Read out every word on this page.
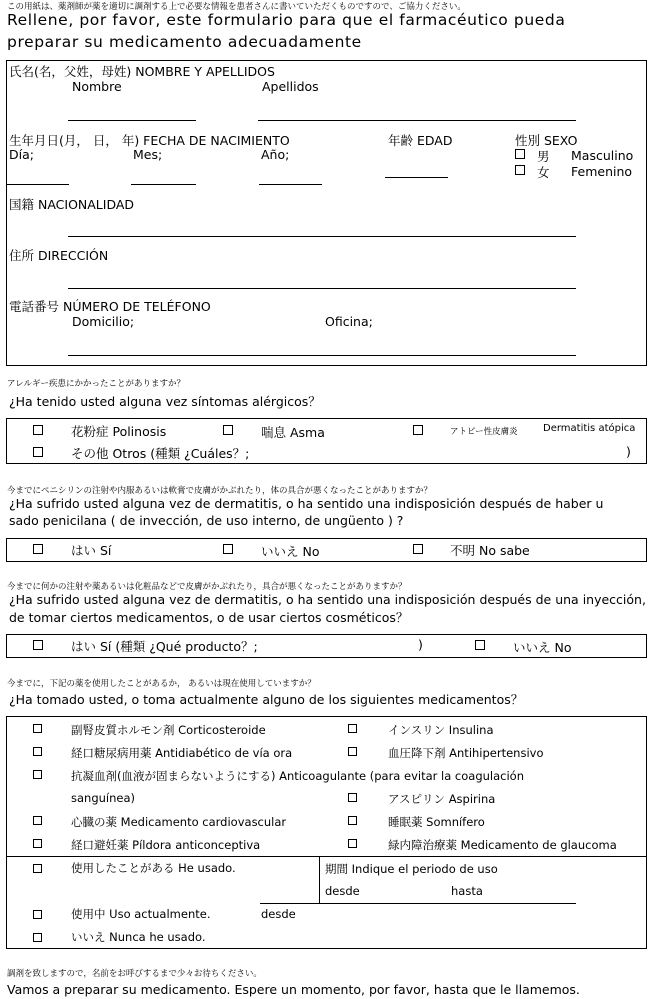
この用紙は、薬剤師が薬を適切に調剤する上で必要な情報を患者さんに書いていただくものですので、ご協力ください。
Rellene, por favor, este formulario para que el farmacéutico pueda
preparar su medicamento adecuadamente
氏名(名，父姓，母姓) NOMBRE Y APELLIDOS
Nombre	Apellidos
生年月日(月， 日， 年) FECHA DE NACIMIENTO
Día;	Mes;	Año;
年齢 EDAD	性別 SEXO
男 Masculino
女 Femenino
国籍 NACIONALIDAD
住所 DIRECCIÓN
電話番号 NÚMERO DE TELÉFONO
Domicilio;	Oficina;
アレルギー疾患にかかったことがありますか？
¿Ha tenido usted alguna vez síntomas alérgicos？
花粉症 Polinosis	喘息 Asma	アトピー性皮膚炎	Dermatitis atópica
その他 Otros (種類 ¿Cuáles？;	)
今までにペニシリンの注射や内服あるいは軟膏で皮膚がかぶれたり，体の具合が悪くなったことがありますか？
¿Ha sufrido usted alguna vez de dermatitis, o ha sentido una indisposición después de haber u
sado penicilana ( de invección, de uso interno, de ungüento ) ?
はい Sí	いいえ No	不明 No sabe
今までに何かの注射や薬あるいは化粧品などで皮膚がかぶれたり，具合が悪くなったことがありますか？
¿Ha sufrido usted alguna vez de dermatitis, o ha sentido una indisposición después de una inyección,
de tomar ciertos medicamentos, o de usar ciertos cosméticos？
はい Sí (種類 ¿Qué producto？;	)	いいえ No
今までに，下記の薬を使用したことがあるか， あるいは現在使用していますか？
¿Ha tomado usted, o toma actualmente alguno de los siguientes medicamentos？
副腎皮質ホルモン剤 Corticosteroide	インスリン Insulina
経口糖尿病用薬 Antidiabético de vía ora	血圧降下剤 Antihipertensivo
抗凝血剤(血液が固まらないようにする) Anticoagulante (para evitar la coagulación
sanguínea)	アスピリン Aspirina
心臓の薬 Medicamento cardiovascular	睡眠薬 Somnífero
経口避妊薬 Píldora anticonceptiva	緑内障治療薬 Medicamento de glaucoma
使用したことがある He usado.	期間 Indique el periodo de uso
desde	hasta
使用中 Uso actualmente.	desde
いいえ Nunca he usado.
調剤を致しますので，名前をお呼びするまで少々お待ちください。
Vamos a preparar su medicamento. Espere un momento, por favor, hasta que le llamemos.
